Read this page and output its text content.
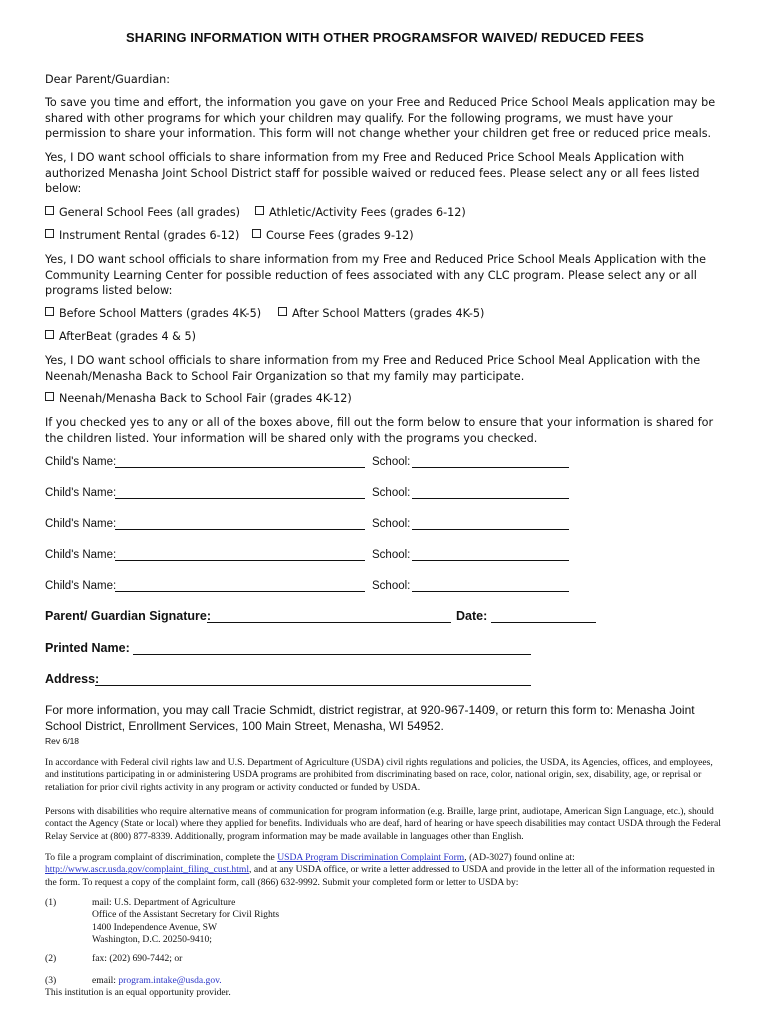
SHARING INFORMATION WITH OTHER PROGRAMSFOR WAIVED/ REDUCED FEES
Dear Parent/Guardian:
To save you time and effort, the information you gave on your Free and Reduced Price School Meals application may be shared with other programs for which your children may qualify. For the following programs, we must have your permission to share your information. This form will not change whether your children get free or reduced price meals.
Yes, I DO want school officials to share information from my Free and Reduced Price School Meals Application with authorized Menasha Joint School District staff for possible waived or reduced fees. Please select any or all fees listed below:
General School Fees (all grades)	Athletic/Activity Fees (grades 6-12)
Instrument Rental (grades 6-12)	Course Fees (grades 9-12)
Yes, I DO want school officials to share information from my Free and Reduced Price School Meals Application with the Community Learning Center for possible reduction of fees associated with any CLC program. Please select any or all programs listed below:
Before School Matters (grades 4K-5)	After School Matters (grades 4K-5)
AfterBeat (grades 4 & 5)
Yes, I DO want school officials to share information from my Free and Reduced Price School Meal Application with the Neenah/Menasha Back to School Fair Organization so that my family may participate.
Neenah/Menasha Back to School Fair (grades 4K-12)
If you checked yes to any or all of the boxes above, fill out the form below to ensure that your information is shared for the children listed. Your information will be shared only with the programs you checked.
Child's Name:	School:
Child's Name:	School:
Child's Name:	School:
Child's Name:	School:
Child's Name:	School:
Parent/ Guardian Signature:	Date:
Printed Name:
Address:
For more information, you may call Tracie Schmidt, district registrar, at 920-967-1409, or return this form to: Menasha Joint School District, Enrollment Services, 100 Main Street, Menasha, WI 54952.
Rev 6/18
In accordance with Federal civil rights law and U.S. Department of Agriculture (USDA) civil rights regulations and policies, the USDA, its Agencies, offices, and employees, and institutions participating in or administering USDA programs are prohibited from discriminating based on race, color, national origin, sex, disability, age, or reprisal or retaliation for prior civil rights activity in any program or activity conducted or funded by USDA.
Persons with disabilities who require alternative means of communication for program information (e.g. Braille, large print, audiotape, American Sign Language, etc.), should contact the Agency (State or local) where they applied for benefits. Individuals who are deaf, hard of hearing or have speech disabilities may contact USDA through the Federal Relay Service at (800) 877-8339. Additionally, program information may be made available in languages other than English.
To file a program complaint of discrimination, complete the USDA Program Discrimination Complaint Form, (AD-3027) found online at: http://www.ascr.usda.gov/complaint_filing_cust.html, and at any USDA office, or write a letter addressed to USDA and provide in the letter all of the information requested in the form. To request a copy of the complaint form, call (866) 632-9992. Submit your completed form or letter to USDA by:
(1)	mail: U.S. Department of Agriculture
Office of the Assistant Secretary for Civil Rights
1400 Independence Avenue, SW
Washington, D.C. 20250-9410;
(2)	fax: (202) 690-7442; or
(3)	email: program.intake@usda.gov.
This institution is an equal opportunity provider.
